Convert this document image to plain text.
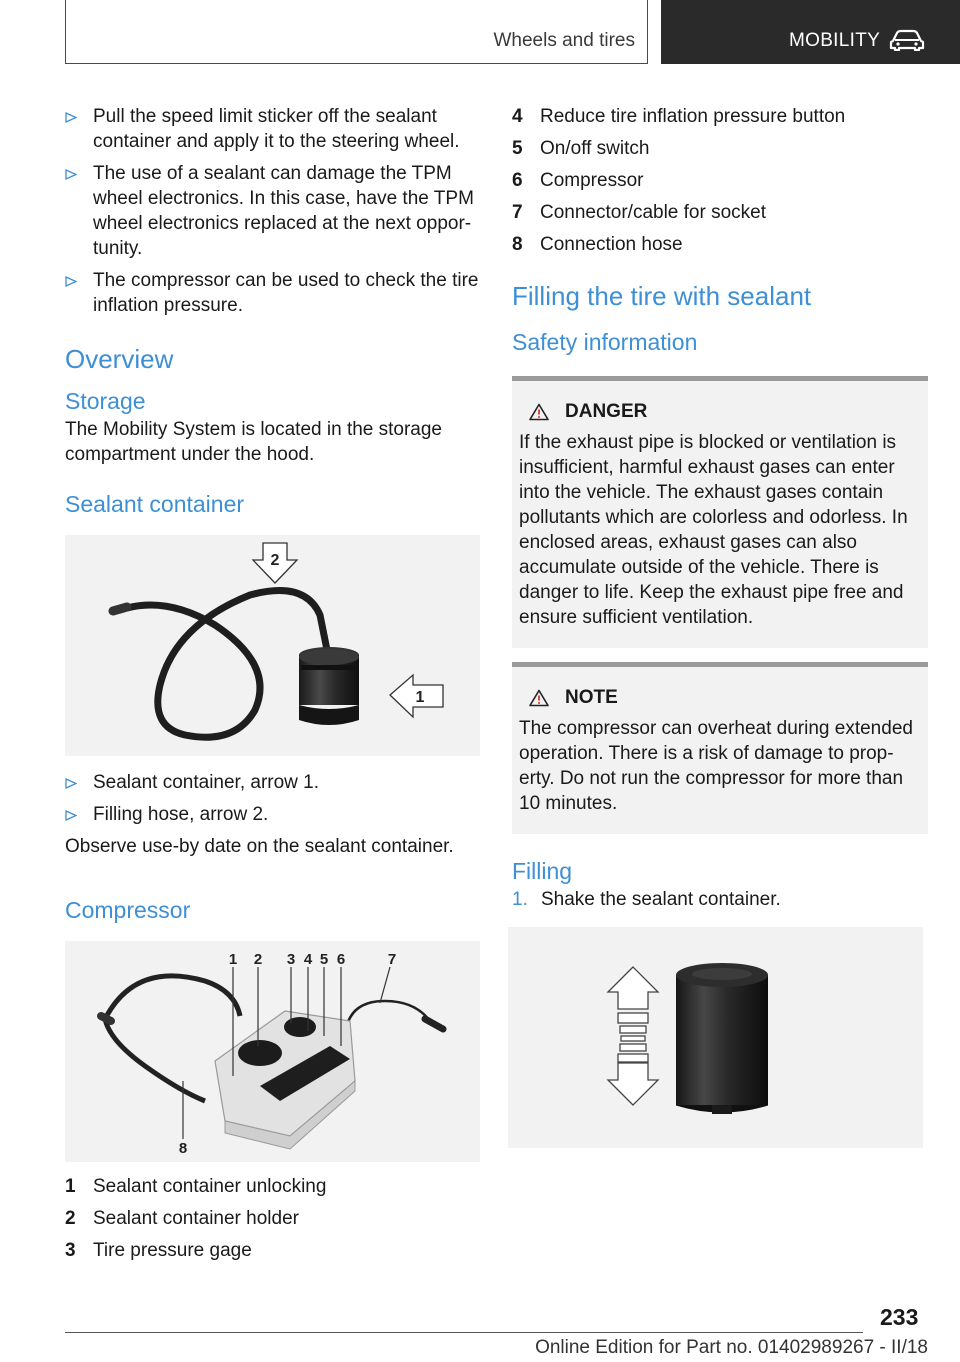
Wheels and tires	MOBILITY
Pull the speed limit sticker off the sealant container and apply it to the steering wheel.
The use of a sealant can damage the TPM wheel electronics. In this case, have the TPM wheel electronics replaced at the next opportunity.
The compressor can be used to check the tire inflation pressure.
Overview
Storage
The Mobility System is located in the storage compartment under the hood.
Sealant container
2
1
Sealant container, arrow 1.
Filling hose, arrow 2.
Observe use-by date on the sealant container.
Compressor
1 2 3 4 5 6	7
8
1 Sealant container unlocking
2 Sealant container holder
3 Tire pressure gage
4 Reduce tire inflation pressure button
5 On/off switch
6 Compressor
7 Connector/cable for socket
8 Connection hose
Filling the tire with sealant
Safety information
DANGER
If the exhaust pipe is blocked or ventilation is insufficient, harmful exhaust gases can enter into the vehicle. The exhaust gases contain pollutants which are colorless and odorless. In enclosed areas, exhaust gases can also accumulate outside of the vehicle. There is danger to life. Keep the exhaust pipe free and ensure sufficient ventilation.
NOTE
The compressor can overheat during extended operation. There is a risk of damage to property. Do not run the compressor for more than 10 minutes.
Filling
1. Shake the sealant container.
233
Online Edition for Part no. 01402989267 - II/18
